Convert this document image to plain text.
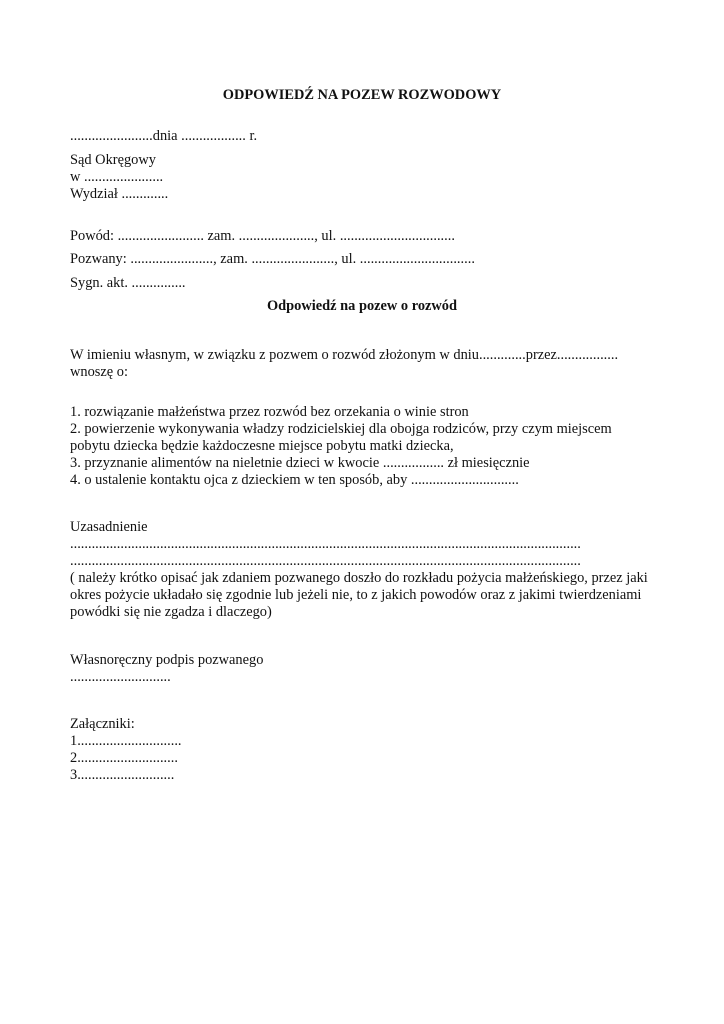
ODPOWIEDŹ NA POZEW ROZWODOWY
.......................dnia .................. r.
Sąd Okręgowy
w ......................
Wydział .............
Powód: ........................ zam. ....................., ul. ................................
Pozwany: ......................., zam. ......................., ul. ................................
Sygn. akt. ...............
Odpowiedź na pozew o rozwód
W imieniu własnym, w związku z pozwem o rozwód złożonym w dniu.............przez.................
wnoszę o:
1. rozwiązanie małżeństwa przez rozwód bez orzekania o winie stron
2. powierzenie wykonywania władzy rodzicielskiej dla obojga rodziców, przy czym miejscem
pobytu dziecka będzie każdoczesne miejsce pobytu matki dziecka,
3. przyznanie alimentów na nieletnie dzieci w kwocie ................. zł miesięcznie
4. o ustalenie kontaktu ojca z dzieckiem w ten sposób, aby ..............................
Uzasadnienie
..............................................................................................................................................
..............................................................................................................................................
( należy krótko opisać jak zdaniem pozwanego doszło do rozkładu pożycia małżeńskiego, przez jaki
okres pożycie układało się zgodnie lub jeżeli nie, to z jakich powodów oraz z jakimi twierdzeniami
powódki się nie zgadza i dlaczego)
Własnoręczny podpis pozwanego
............................
Załączniki:
1.............................
2............................
3...........................
